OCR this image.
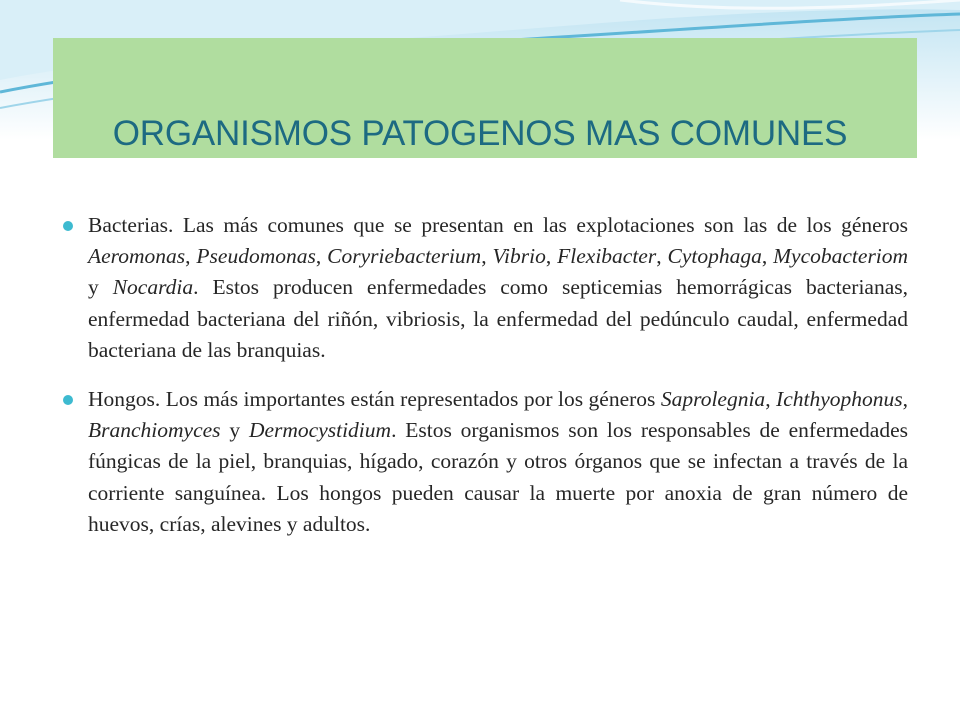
ORGANISMOS PATOGENOS MAS COMUNES
Bacterias. Las más comunes que se presentan en las explotaciones son las de los géneros Aeromonas, Pseudomonas, Coryriebacterium, Vibrio, Flexibacter, Cytophaga, Mycobacteriom y Nocardia. Estos producen enfermedades como septicemias hemorrágicas bacterianas, enfermedad bacteriana del riñón, vibriosis, la enfermedad del pedúnculo caudal, enfermedad bacteriana de las branquias.
Hongos. Los más importantes están representados por los géneros Saprolegnia, Ichthyophonus, Branchiomyces y Dermocystidium. Estos organismos son los responsables de enfermedades fúngicas de la piel, branquias, hígado, corazón y otros órganos que se infectan a través de la corriente sanguínea. Los hongos pueden causar la muerte por anoxia de gran número de huevos, crías, alevines y adultos.
